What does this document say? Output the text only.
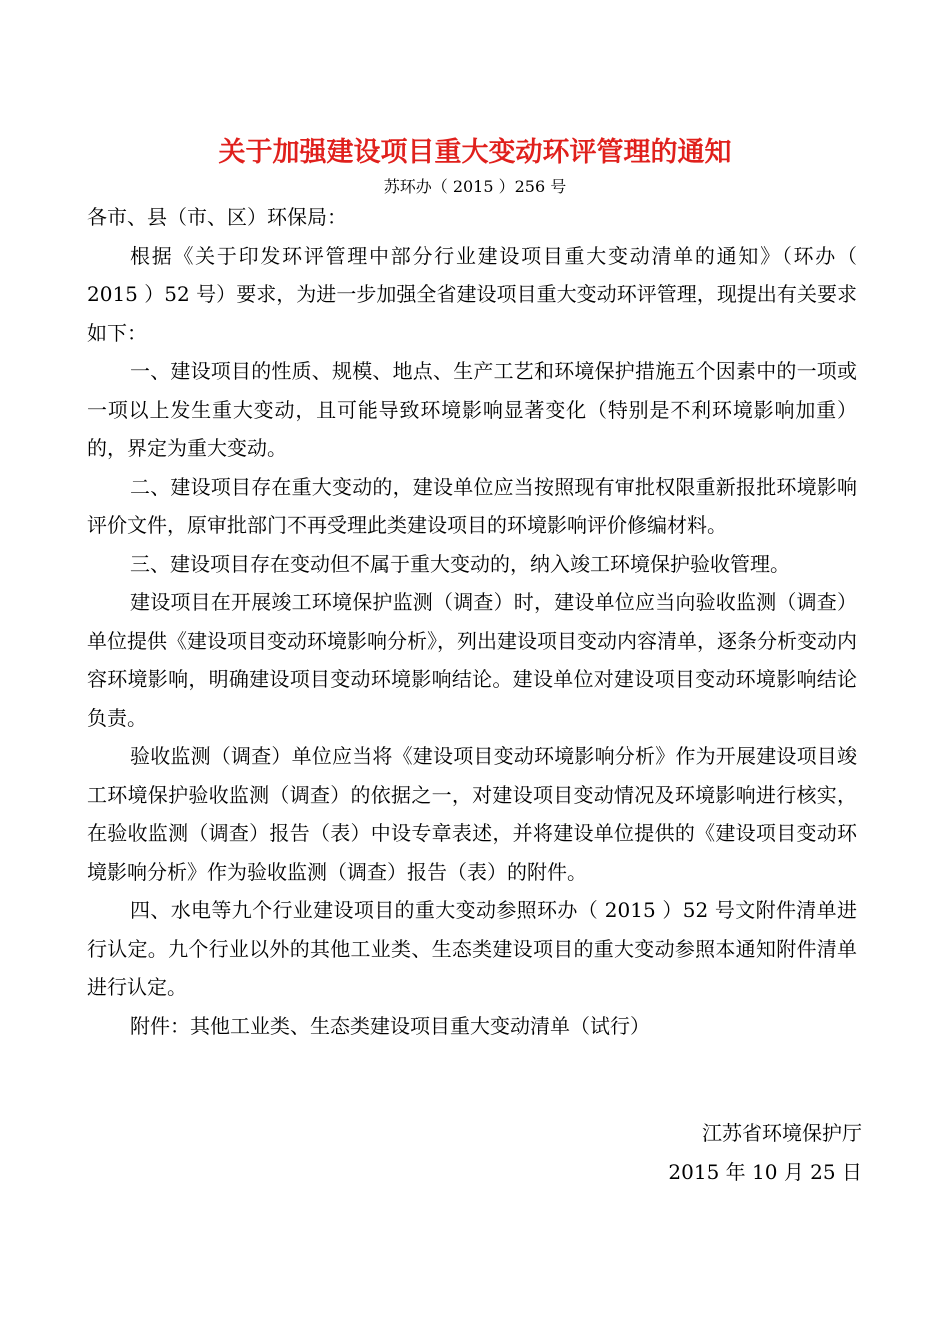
关于加强建设项目重大变动环评管理的通知
苏环办（ 2015 ）256 号

各市、县（市、区）环保局：

根据《关于印发环评管理中部分行业建设项目重大变动清单的通知》（环办（ 2015 ）52 号）要求，为进一步加强全省建设项目重大变动环评管理，现提出有关要求如下：

一、建设项目的性质、规模、地点、生产工艺和环境保护措施五个因素中的一项或一项以上发生重大变动，且可能导致环境影响显著变化（特别是不利环境影响加重）的，界定为重大变动。

二、建设项目存在重大变动的，建设单位应当按照现有审批权限重新报批环境影响评价文件，原审批部门不再受理此类建设项目的环境影响评价修编材料。

三、建设项目存在变动但不属于重大变动的，纳入竣工环境保护验收管理。

建设项目在开展竣工环境保护监测（调查）时，建设单位应当向验收监测（调查）单位提供《建设项目变动环境影响分析》，列出建设项目变动内容清单，逐条分析变动内容环境影响，明确建设项目变动环境影响结论。建设单位对建设项目变动环境影响结论负责。

验收监测（调查）单位应当将《建设项目变动环境影响分析》作为开展建设项目竣工环境保护验收监测（调查）的依据之一，对建设项目变动情况及环境影响进行核实，在验收监测（调查）报告（表）中设专章表述，并将建设单位提供的《建设项目变动环境影响分析》作为验收监测（调查）报告（表）的附件。

四、水电等九个行业建设项目的重大变动参照环办（ 2015 ）52 号文附件清单进行认定。九个行业以外的其他工业类、生态类建设项目的重大变动参照本通知附件清单进行认定。

附件：其他工业类、生态类建设项目重大变动清单（试行）

江苏省环境保护厅
2015 年 10 月 25 日
